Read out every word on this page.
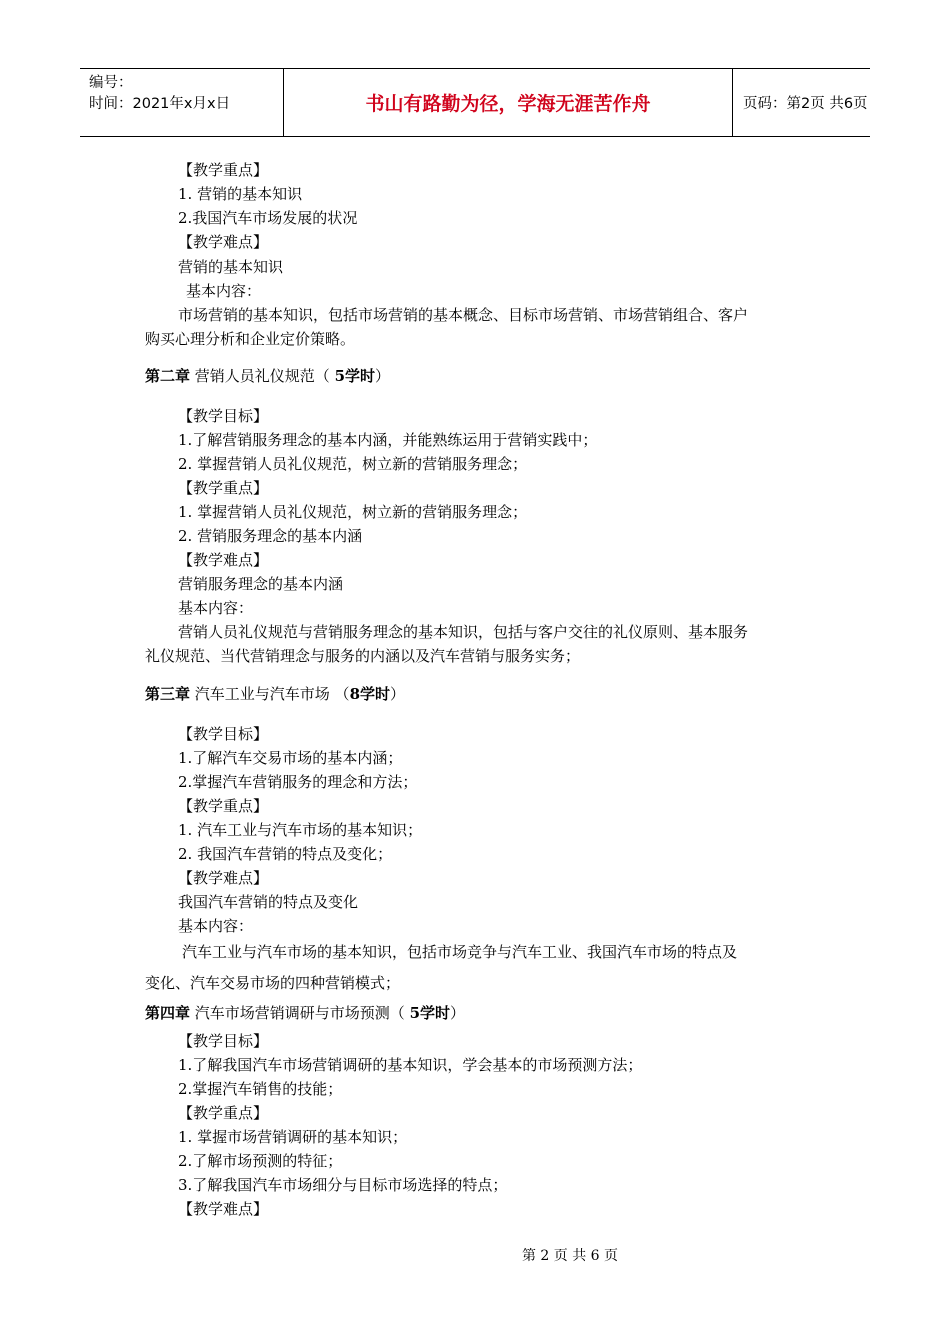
编号：
时间：2021年x月x日	书山有路勤为径，学海无涯苦作舟	页码：第2页 共6页
【教学重点】
1. 营销的基本知识
2.我国汽车市场发展的状况
【教学难点】
营销的基本知识
基本内容：
市场营销的基本知识，包括市场营销的基本概念、目标市场营销、市场营销组合、客户
购买心理分析和企业定价策略。
【教学目标】
1.了解营销服务理念的基本内涵，并能熟练运用于营销实践中；
2. 掌握营销人员礼仪规范，树立新的营销服务理念；
【教学重点】
1. 掌握营销人员礼仪规范，树立新的营销服务理念；
2. 营销服务理念的基本内涵
【教学难点】
营销服务理念的基本内涵
基本内容：
营销人员礼仪规范与营销服务理念的基本知识，包括与客户交往的礼仪原则、基本服务
礼仪规范、当代营销理念与服务的内涵以及汽车营销与服务实务；
【教学目标】
1.了解汽车交易市场的基本内涵；
2.掌握汽车营销服务的理念和方法；
【教学重点】
1. 汽车工业与汽车市场的基本知识；
2. 我国汽车营销的特点及变化；
【教学难点】
我国汽车营销的特点及变化
基本内容：
汽车工业与汽车市场的基本知识，包括市场竞争与汽车工业、我国汽车市场的特点及
变化、汽车交易市场的四种营销模式；
【教学目标】
1.了解我国汽车市场营销调研的基本知识，学会基本的市场预测方法；
2.掌握汽车销售的技能；
【教学重点】
1. 掌握市场营销调研的基本知识；
2.了解市场预测的特征；
3.了解我国汽车市场细分与目标市场选择的特点；
【教学难点】
第二章 营销人员礼仪规范（ 5学时）
第三章 汽车工业与汽车市场 （8学时）
第四章 汽车市场营销调研与市场预测（ 5学时）
第 2 页 共 6 页
